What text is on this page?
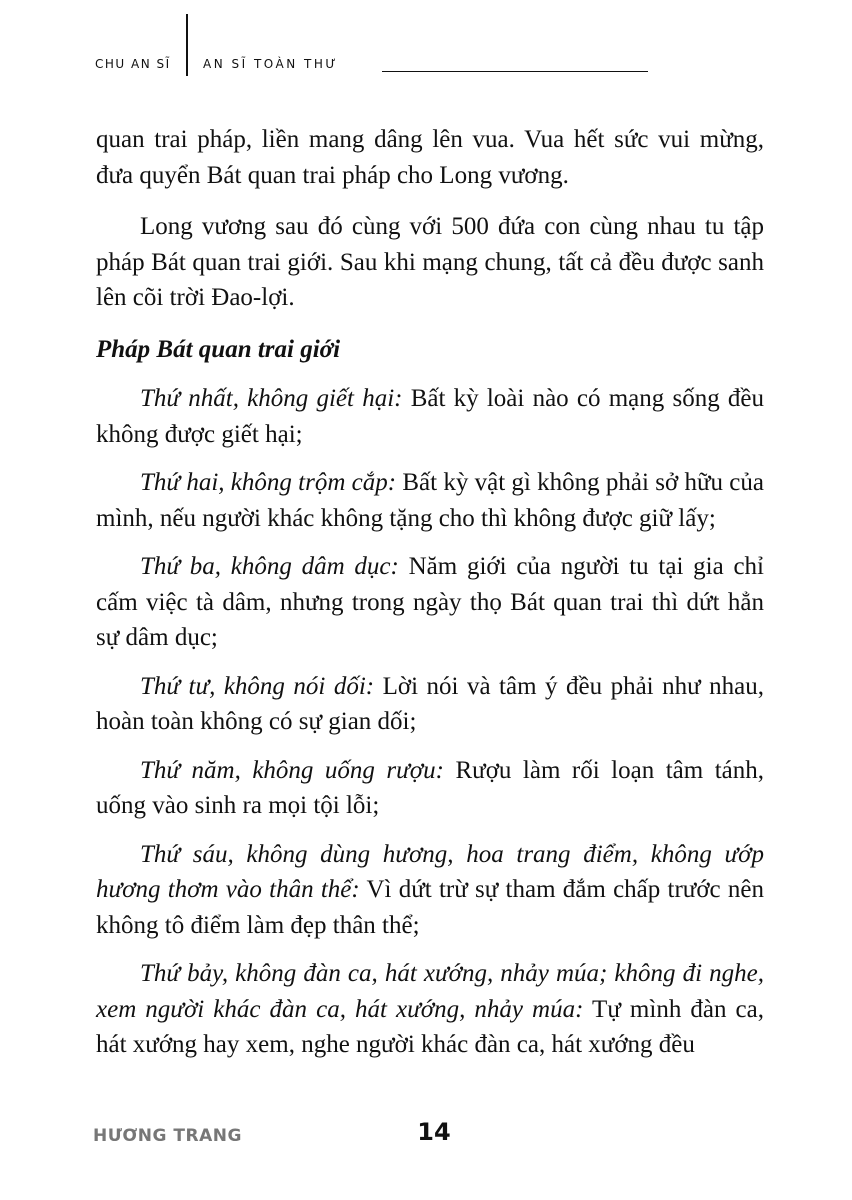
CHU AN SĨ	AN SĨ TOÀN THƯ

quan trai pháp, liền mang dâng lên vua. Vua hết sức vui mừng, đưa quyển Bát quan trai pháp cho Long vương.

Long vương sau đó cùng với 500 đứa con cùng nhau tu tập pháp Bát quan trai giới. Sau khi mạng chung, tất cả đều được sanh lên cõi trời Đao-lợi.

Pháp Bát quan trai giới

Thứ nhất, không giết hại: Bất kỳ loài nào có mạng sống đều không được giết hại;

Thứ hai, không trộm cắp: Bất kỳ vật gì không phải sở hữu của mình, nếu người khác không tặng cho thì không được giữ lấy;

Thứ ba, không dâm dục: Năm giới của người tu tại gia chỉ cấm việc tà dâm, nhưng trong ngày thọ Bát quan trai thì dứt hẳn sự dâm dục;

Thứ tư, không nói dối: Lời nói và tâm ý đều phải như nhau, hoàn toàn không có sự gian dối;

Thứ năm, không uống rượu: Rượu làm rối loạn tâm tánh, uống vào sinh ra mọi tội lỗi;

Thứ sáu, không dùng hương, hoa trang điểm, không ướp hương thơm vào thân thể: Vì dứt trừ sự tham đắm chấp trước nên không tô điểm làm đẹp thân thể;

Thứ bảy, không đàn ca, hát xướng, nhảy múa; không đi nghe, xem người khác đàn ca, hát xướng, nhảy múa: Tự mình đàn ca, hát xướng hay xem, nghe người khác đàn ca, hát xướng đều

HƯƠNG TRANG	14
